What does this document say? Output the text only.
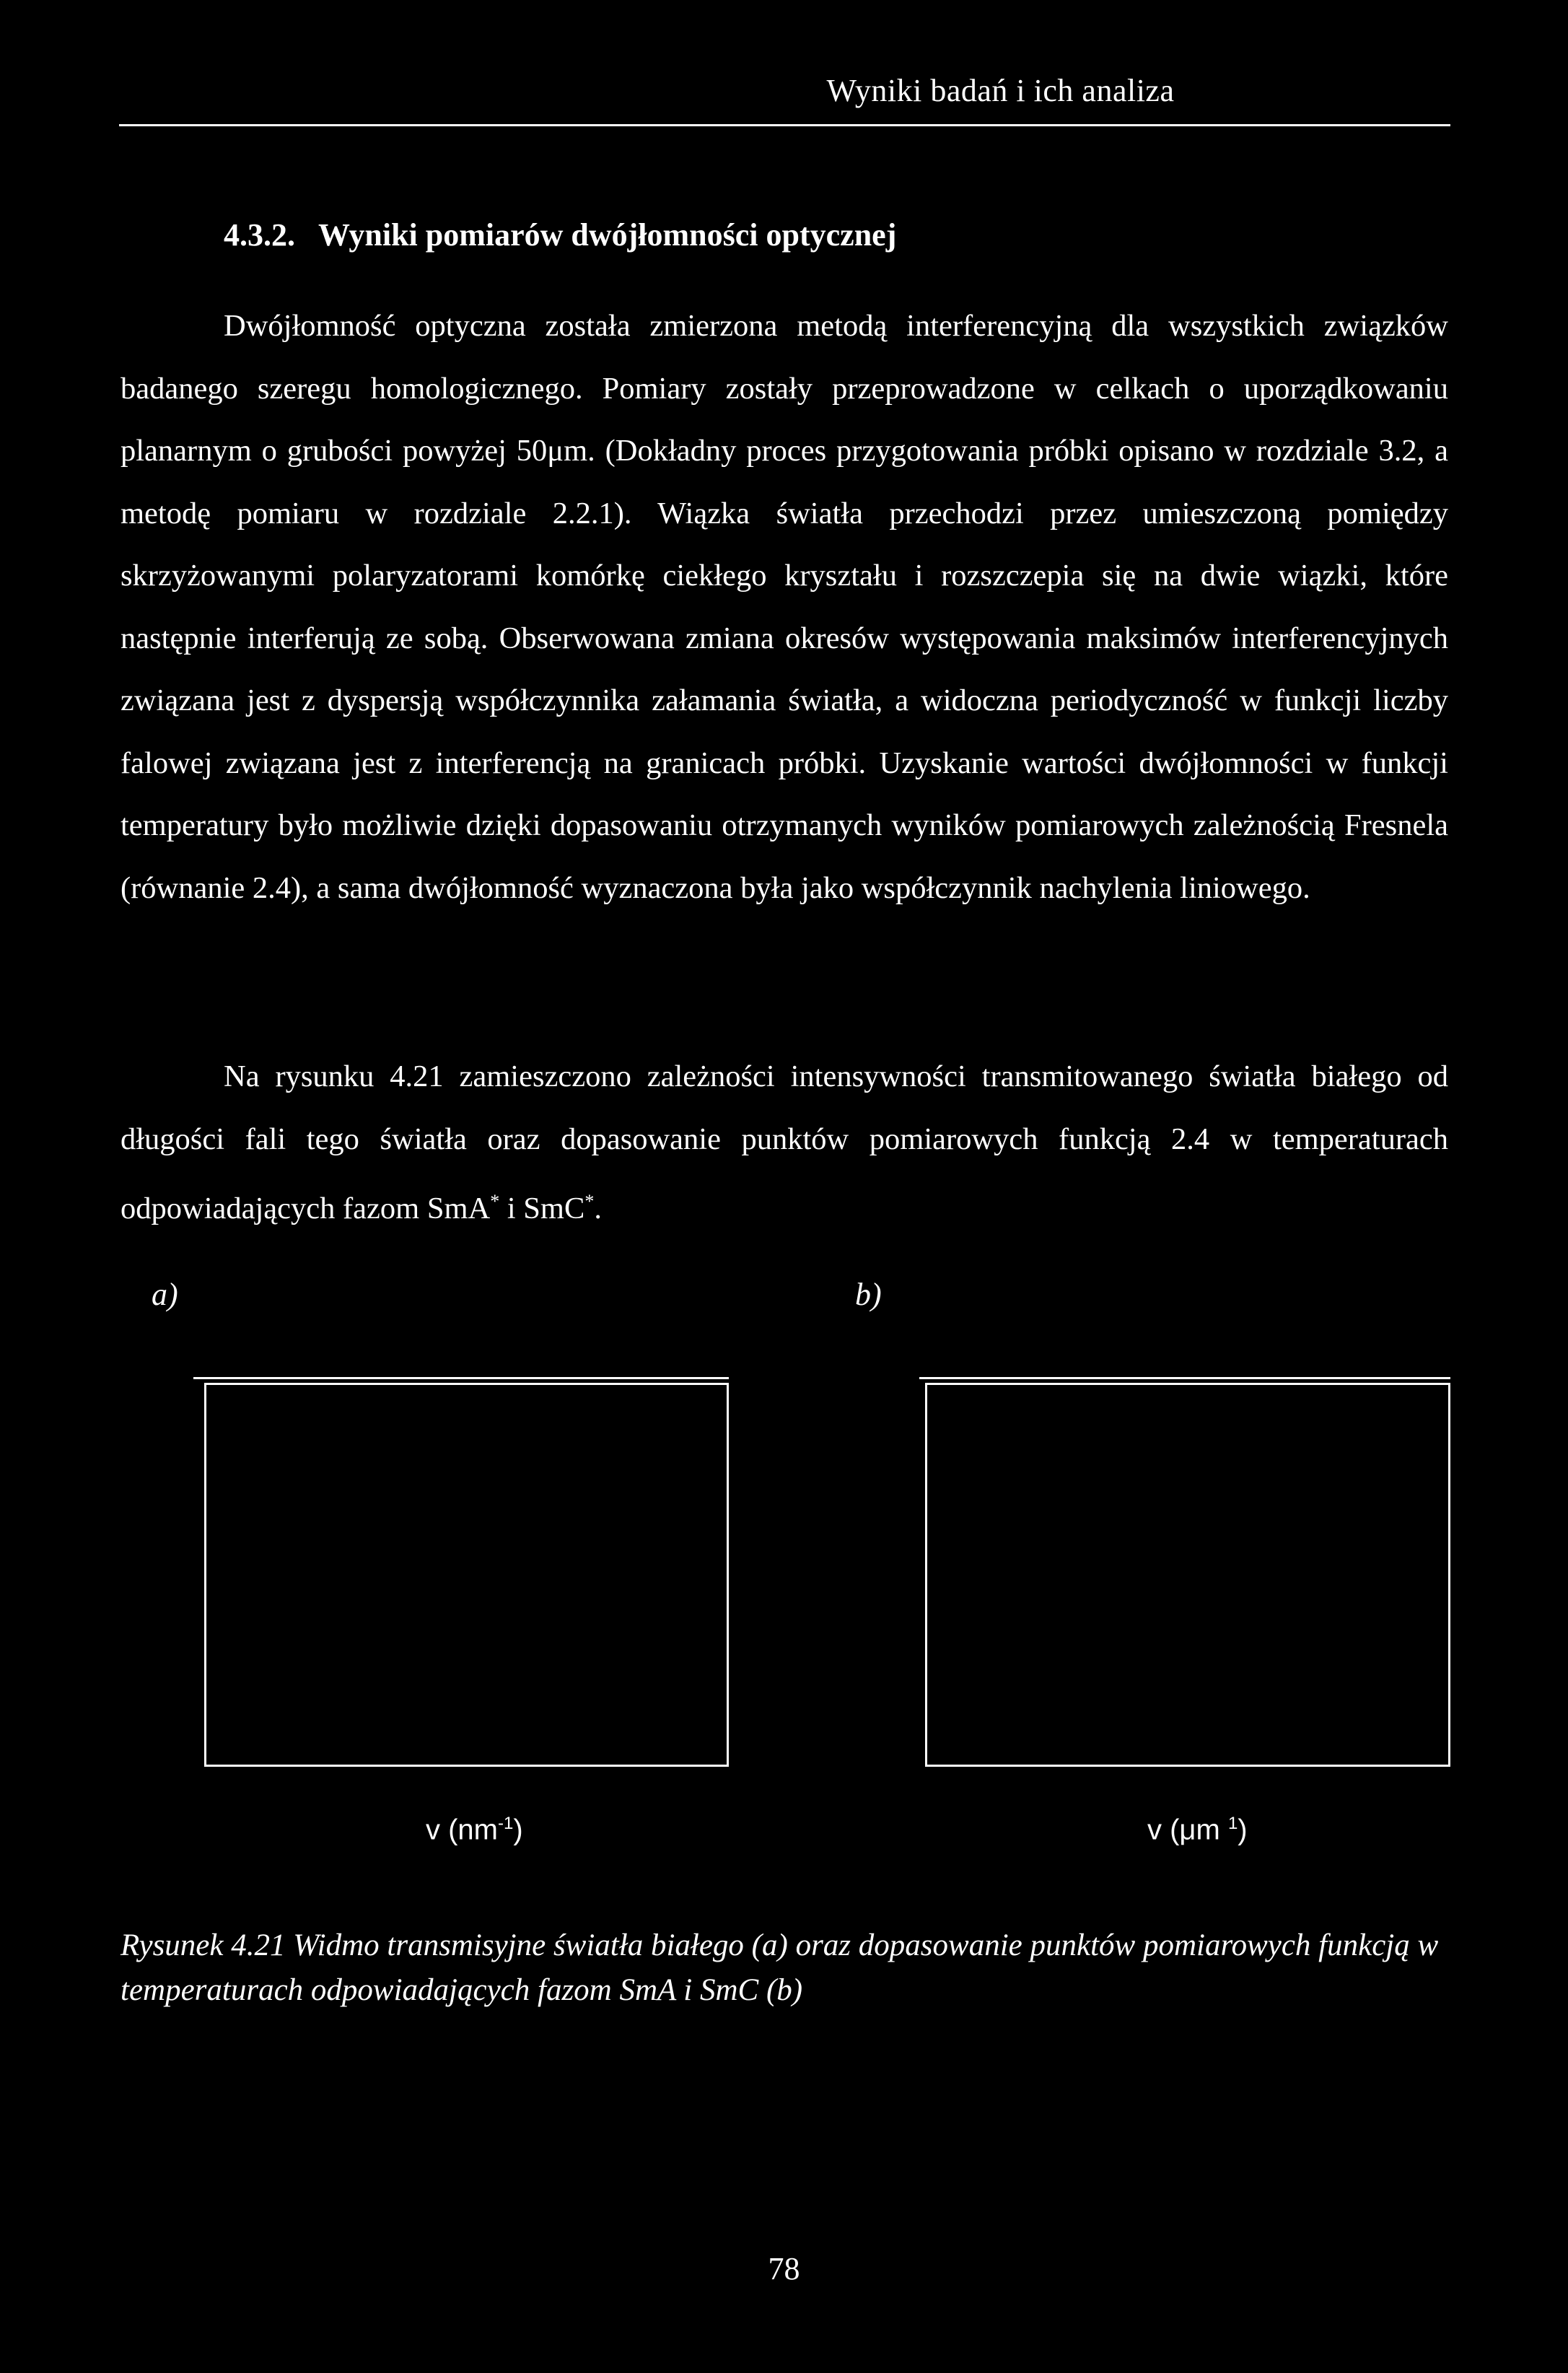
Wyniki badań i ich analiza
4.3.2. Wyniki pomiarów dwójłomności optycznej

Dwójłomność optyczna została zmierzona metodą interferencyjną dla wszystkich związków badanego szeregu homologicznego. Pomiary zostały przeprowadzone w celkach o uporządkowaniu planarnym o grubości powyżej 50μm. (Dokładny proces przygotowania próbki opisano w rozdziale 3.2, a metodę pomiaru w rozdziale 2.2.1). Wiązka światła przechodzi przez umieszczoną pomiędzy skrzyżowanymi polaryzatorami komórkę ciekłego kryształu i rozszczepia się na dwie wiązki, które następnie interferują ze sobą. Obserwowana zmiana okresów występowania maksimów interferencyjnych związana jest z dyspersją współczynnika załamania światła, a widoczna periodyczność w funkcji liczby falowej związana jest z interferencją na granicach próbki. Uzyskanie wartości dwójłomności w funkcji temperatury było możliwie dzięki dopasowaniu otrzymanych wyników pomiarowych zależnością Fresnela (równanie 2.4), a sama dwójłomność wyznaczona była jako współczynnik nachylenia liniowego.

Na rysunku 4.21 zamieszczono zależności intensywności transmitowanego światła białego od długości fali tego światła oraz dopasowanie punktów pomiarowych funkcją 2.4 w temperaturach odpowiadających fazom SmA* i SmC*.

a)
v $(nm^{-1})$
b)
v (μm $^1$)
Rysunek 4.21 Widmo transmisyjne światła białego (a) oraz dopasowanie punktów pomiarowych funkcją w temperaturach odpowiadających fazom SmA i SmC (b)
78
